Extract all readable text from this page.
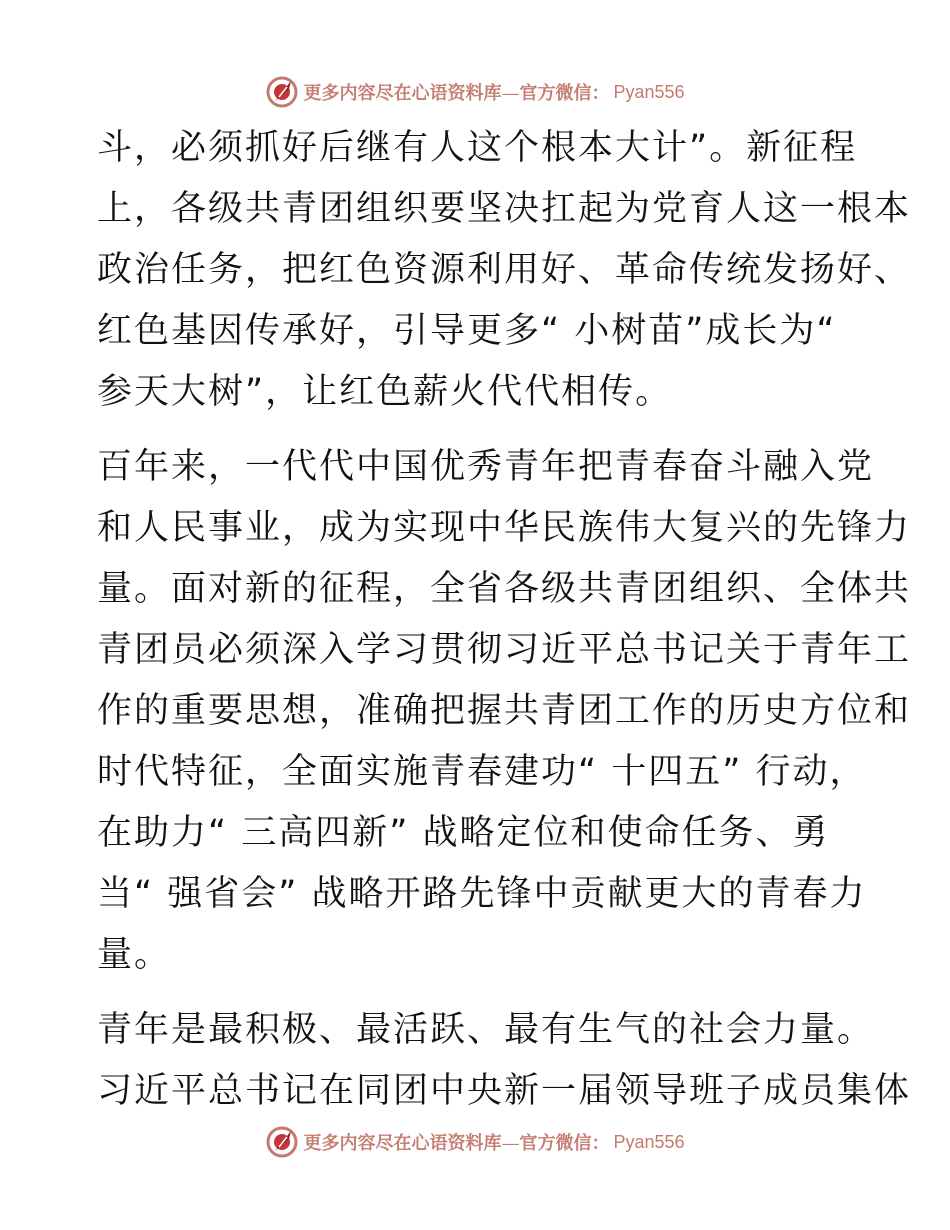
更多内容尽在心语资料库—官方微信： Pyan556
斗，必须抓好后继有人这个根本大计”。新征程
上，各级共青团组织要坚决扛起为党育人这一根本
政治任务，把红色资源利用好、革命传统发扬好、
红色基因传承好，引导更多“ 小树苗”成长为“
参天大树”，让红色薪火代代相传。
百年来，一代代中国优秀青年把青春奋斗融入党
和人民事业，成为实现中华民族伟大复兴的先锋力
量。面对新的征程，全省各级共青团组织、全体共
青团员必须深入学习贯彻习近平总书记关于青年工
作的重要思想，准确把握共青团工作的历史方位和
时代特征，全面实施青春建功“ 十四五” 行动，
在助力“ 三高四新” 战略定位和使命任务、勇
当“ 强省会” 战略开路先锋中贡献更大的青春力
量。
青年是最积极、最活跃、最有生气的社会力量。
习近平总书记在同团中央新一届领导班子成员集体
更多内容尽在心语资料库—官方微信： Pyan556
